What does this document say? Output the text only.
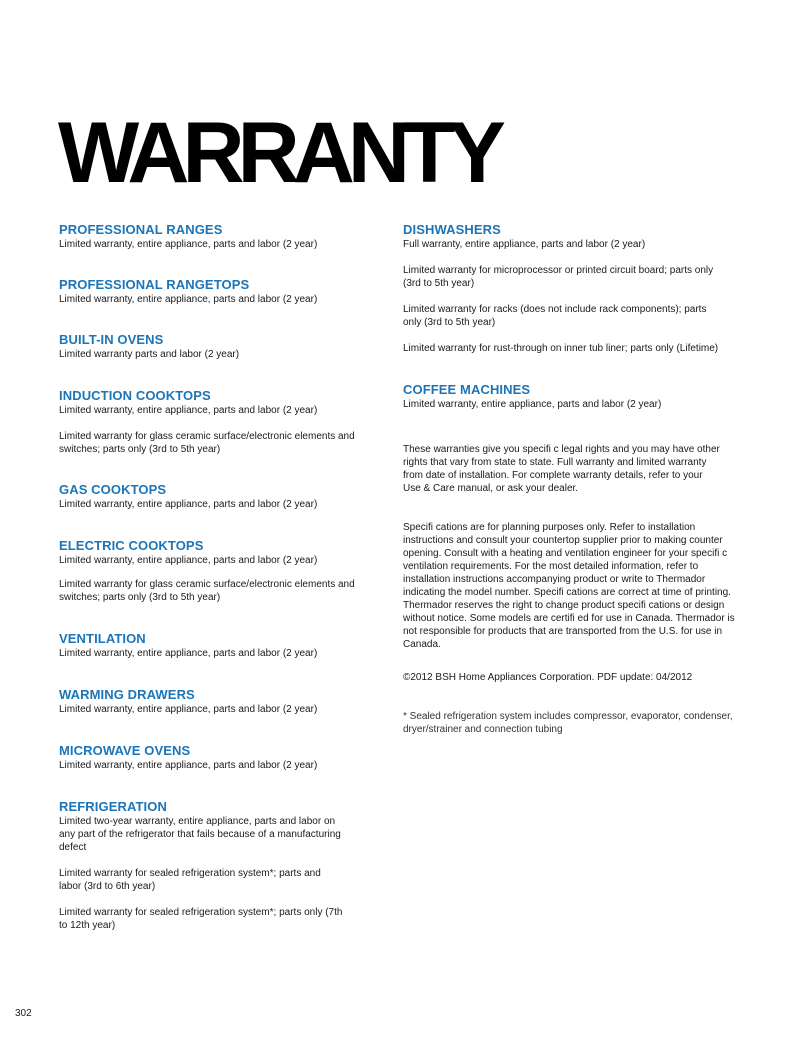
WARRANTY
PROFESSIONAL RANGES

Limited warranty, entire appliance, parts and labor (2 year)

PROFESSIONAL RANGETOPS

Limited warranty, entire appliance, parts and labor (2 year)

BUILT-IN OVENS

Limited warranty parts and labor (2 year)

INDUCTION COOKTOPS

Limited warranty, entire appliance, parts and labor (2 year)

Limited warranty for glass ceramic surface/electronic elements and switches; parts only (3rd to 5th year)

GAS COOKTOPS

Limited warranty, entire appliance, parts and labor (2 year)

ELECTRIC COOKTOPS

Limited warranty, entire appliance, parts and labor (2 year)

Limited warranty for glass ceramic surface/electronic elements and switches; parts only (3rd to 5th year)

VENTILATION

Limited warranty, entire appliance, parts and labor (2 year)

WARMING DRAWERS

Limited warranty, entire appliance, parts and labor (2 year)

MICROWAVE OVENS

Limited warranty, entire appliance, parts and labor (2 year)

REFRIGERATION

Limited two-year warranty, entire appliance, parts and labor on any part of the refrigerator that fails because of a manufacturing defect

Limited warranty for sealed refrigeration system*; parts and labor (3rd to 6th year)

Limited warranty for sealed refrigeration system*; parts only (7th to 12th year)

DISHWASHERS

Full warranty, entire appliance, parts and labor (2 year)

Limited warranty for microprocessor or printed circuit board; parts only (3rd to 5th year)

Limited warranty for racks (does not include rack components); parts only (3rd to 5th year)

Limited warranty for rust-through on inner tub liner; parts only (Lifetime)

COFFEE MACHINES

Limited warranty, entire appliance, parts and labor (2 year)

These warranties give you specifi c legal rights and you may have other rights that vary from state to state. Full warranty and limited warranty from date of installation. For complete warranty details, refer to your Use & Care manual, or ask your dealer.

Specifi cations are for planning purposes only. Refer to installation instructions and consult your countertop supplier prior to making counter opening. Consult with a heating and ventilation engineer for your specifi c ventilation requirements. For the most detailed information, refer to installation instructions accompanying product or write to Thermador indicating the model number. Specifi cations are correct at time of printing. Thermador reserves the right to change product specifi cations or design without notice. Some models are certifi ed for use in Canada. Thermador is not responsible for products that are transported from the U.S. for use in Canada.

©2012 BSH Home Appliances Corporation. PDF update: 04/2012

* Sealed refrigeration system includes compressor, evaporator, condenser, dryer/strainer and connection tubing

302
